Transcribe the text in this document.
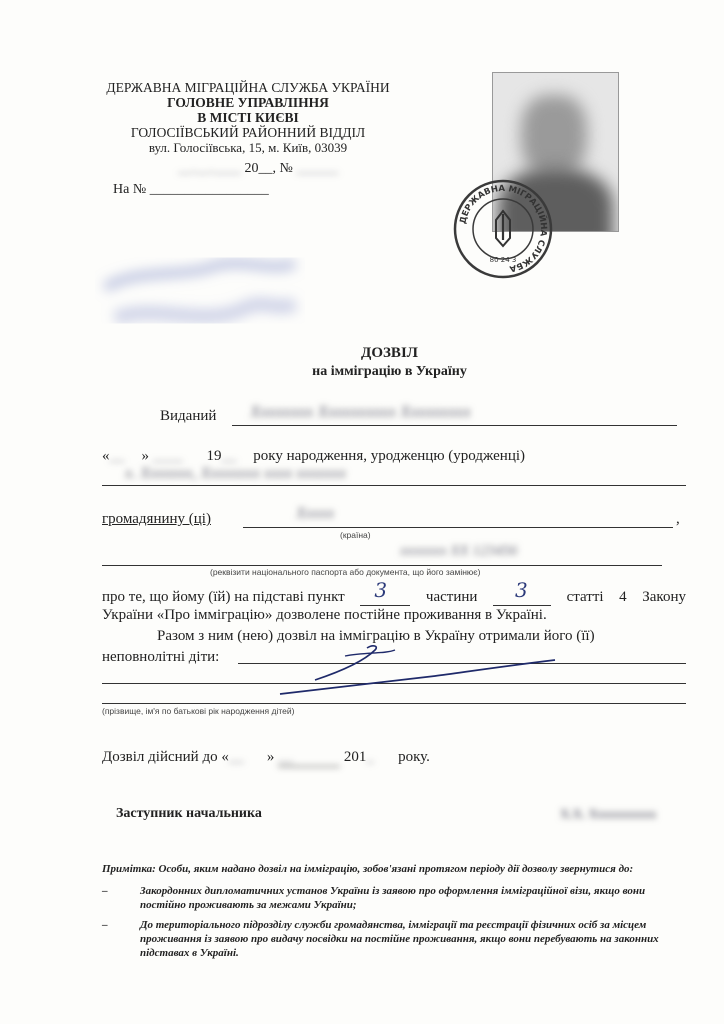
ДЕРЖАВНА МІГРАЦІЙНА СЛУЖБА УКРАЇНИ
ГОЛОВНЕ УПРАВЛІННЯ
В МІСТІ КИЄВІ
ГОЛОСІЇВСЬКИЙ РАЙОННИЙ ВІДДІЛ
вул. Голосіївська, 15, м. Київ, 03039
__.__.____ 20__, № ______
На № _________________
ДЕРЖАВНА МІГРАЦІЙНА СЛУЖБА
80 24 3
ДОЗВІЛ
на імміграцію в Україну
Виданий Xxxxxxxx Xxxxxxxxxx Xxxxxxxxx
«__ » ____ 19__ року народження, уродженцю (уродженці)
x. Xxxxxxx, Xxxxxxxx xxxx xxxxxxx
громадянину (ці)	,
Xxxxx
(країна)
xxxxxxx XX 123456
(реквізити національного паспорта або документа, що його замінює)
про те, що йому (їй) на підставі пункт 3	частини 3	статті 4 Закону
України «Про імміграцію» дозволене постійне проживання в Україні.
Разом з ним (нею) дозвіл на імміграцію в Україну отримали його (її)
неповнолітні діти:
(прізвище, ім'я по батькові рік народження дітей)
Дозвіл дійсний до «__ » __	201_ року.
Заступник начальника	X.X. Xxxxxxxxxx
Примітка: Особи, яким надано дозвіл на імміграцію, зобов'язані протягом періоду дії дозволу звернутися до:
–	Закордонних дипломатичних установ України із заявою про оформлення імміграційної візи, якщо вони постійно проживають за межами України;
–	До територіального підрозділу служби громадянства, імміграції та реєстрації фізичних осіб за місцем проживання із заявою про видачу посвідки на постійне проживання, якщо вони перебувають на законних підставах в Україні.
